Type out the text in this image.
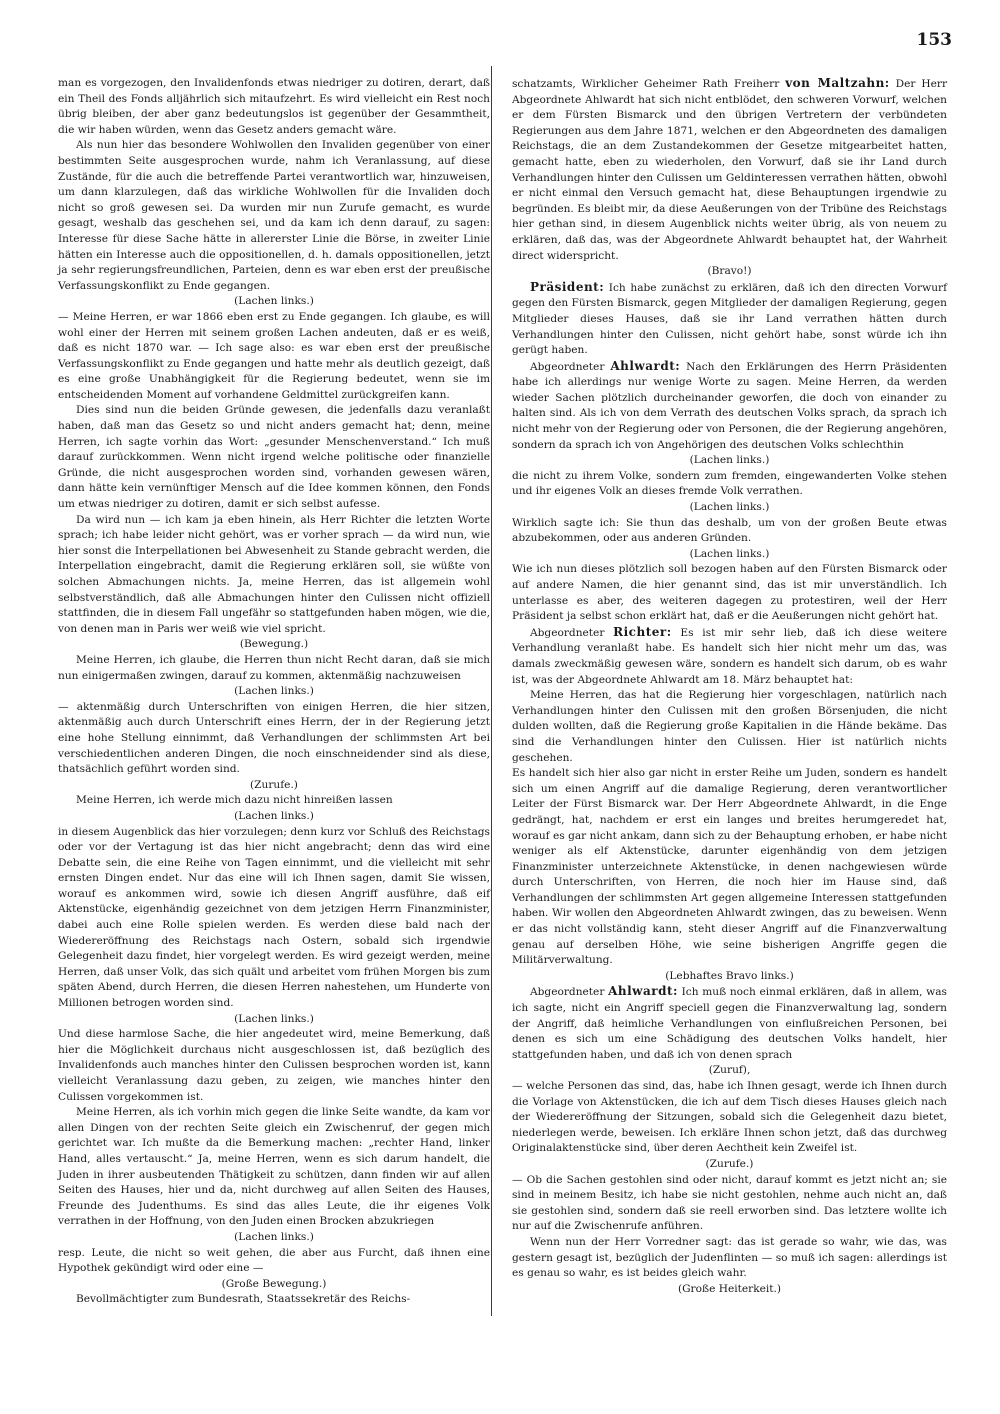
153

man es vorgezogen, den Invalidenfonds etwas niedriger zu dotiren, derart, daß ein Theil des Fonds alljährlich sich mitaufzehrt. Es wird vielleicht ein Rest noch übrig bleiben, der aber ganz bedeutungslos ist gegenüber der Gesammtheit, die wir haben würden, wenn das Gesetz anders gemacht wäre.

Als nun hier das besondere Wohlwollen den Invaliden gegenüber von einer bestimmten Seite ausgesprochen wurde, nahm ich Veranlassung, auf diese Zustände, für die auch die betreffende Partei verantwortlich war, hinzuweisen, um dann klarzulegen, daß das wirkliche Wohlwollen für die Invaliden doch nicht so groß gewesen sei. Da wurden mir nun Zurufe gemacht, es wurde gesagt, weshalb das geschehen sei, und da kam ich denn darauf, zu sagen: Interesse für diese Sache hätte in allererster Linie die Börse, in zweiter Linie hätten ein Interesse auch die oppositionellen, d. h. damals oppositionellen, jetzt ja sehr regierungsfreundlichen, Parteien, denn es war eben erst der preußische Verfassungskonflikt zu Ende gegangen.

(Lachen links.)

— Meine Herren, er war 1866 eben erst zu Ende gegangen. Ich glaube, es will wohl einer der Herren mit seinem großen Lachen andeuten, daß er es weiß, daß es nicht 1870 war. — Ich sage also: es war eben erst der preußische Verfassungskonflikt zu Ende gegangen und hatte mehr als deutlich gezeigt, daß es eine große Unabhängigkeit für die Regierung bedeutet, wenn sie im entscheidenden Moment auf vorhandene Geldmittel zurückgreifen kann.

Dies sind nun die beiden Gründe gewesen, die jedenfalls dazu veranlaßt haben, daß man das Gesetz so und nicht anders gemacht hat; denn, meine Herren, ich sagte vorhin das Wort: „gesunder Menschenverstand.“ Ich muß darauf zurückkommen. Wenn nicht irgend welche politische oder finanzielle Gründe, die nicht ausgesprochen worden sind, vorhanden gewesen wären, dann hätte kein vernünftiger Mensch auf die Idee kommen können, den Fonds um etwas niedriger zu dotiren, damit er sich selbst aufesse.

Da wird nun — ich kam ja eben hinein, als Herr Richter die letzten Worte sprach; ich habe leider nicht gehört, was er vorher sprach — da wird nun, wie hier sonst die Interpellationen bei Abwesenheit zu Stande gebracht werden, die Interpellation eingebracht, damit die Regierung erklären soll, sie wüßte von solchen Abmachungen nichts. Ja, meine Herren, das ist allgemein wohl selbstverständlich, daß alle Abmachungen hinter den Culissen nicht offiziell stattfinden, die in diesem Fall ungefähr so stattgefunden haben mögen, wie die, von denen man in Paris wer weiß wie viel spricht.

(Bewegung.)

Meine Herren, ich glaube, die Herren thun nicht Recht daran, daß sie mich nun einigermaßen zwingen, darauf zu kommen, aktenmäßig nachzuweisen

(Lachen links.)

— aktenmäßig durch Unterschriften von einigen Herren, die hier sitzen, aktenmäßig auch durch Unterschrift eines Herrn, der in der Regierung jetzt eine hohe Stellung einnimmt, daß Verhandlungen der schlimmsten Art bei verschiedentlichen anderen Dingen, die noch einschneidender sind als diese, thatsächlich geführt worden sind.

(Zurufe.)

Meine Herren, ich werde mich dazu nicht hinreißen lassen

(Lachen links.)

in diesem Augenblick das hier vorzulegen; denn kurz vor Schluß des Reichstags oder vor der Vertagung ist das hier nicht angebracht; denn das wird eine Debatte sein, die eine Reihe von Tagen einnimmt, und die vielleicht mit sehr ernsten Dingen endet. Nur das eine will ich Ihnen sagen, damit Sie wissen, worauf es ankommen wird, sowie ich diesen Angriff ausführe, daß eif Aktenstücke, eigenhändig gezeichnet von dem jetzigen Herrn Finanzminister, dabei auch eine Rolle spielen werden. Es werden diese bald nach der Wiedereröffnung des Reichstags nach Ostern, sobald sich irgendwie Gelegenheit dazu findet, hier vorgelegt werden. Es wird gezeigt werden, meine Herren, daß unser Volk, das sich quält und arbeitet vom frühen Morgen bis zum späten Abend, durch Herren, die diesen Herren nahestehen, um Hunderte von Millionen betrogen worden sind.

(Lachen links.)

Und diese harmlose Sache, die hier angedeutet wird, meine Bemerkung, daß hier die Möglichkeit durchaus nicht ausgeschlossen ist, daß bezüglich des Invalidenfonds auch manches hinter den Culissen besprochen worden ist, kann vielleicht Veranlassung dazu geben, zu zeigen, wie manches hinter den Culissen vorgekommen ist.

Meine Herren, als ich vorhin mich gegen die linke Seite wandte, da kam vor allen Dingen von der rechten Seite gleich ein Zwischenruf, der gegen mich gerichtet war. Ich mußte da die Bemerkung machen: „rechter Hand, linker Hand, alles vertauscht.“ Ja, meine Herren, wenn es sich darum handelt, die Juden in ihrer ausbeutenden Thätigkeit zu schützen, dann finden wir auf allen Seiten des Hauses, hier und da, nicht durchweg auf allen Seiten des Hauses, Freunde des Judenthums. Es sind das alles Leute, die ihr eigenes Volk verrathen in der Hoffnung, von den Juden einen Brocken abzukriegen

(Lachen links.)

resp. Leute, die nicht so weit gehen, die aber aus Furcht, daß ihnen eine Hypothek gekündigt wird oder eine —

(Große Bewegung.)

Bevollmächtigter zum Bundesrath, Staatssekretär des Reichs-

schatzamts, Wirklicher Geheimer Rath Freiherr von Maltzahn: Der Herr Abgeordnete Ahlwardt hat sich nicht entblödet, den schweren Vorwurf, welchen er dem Fürsten Bismarck und den übrigen Vertretern der verbündeten Regierungen aus dem Jahre 1871, welchen er den Abgeordneten des damaligen Reichstags, die an dem Zustandekommen der Gesetze mitgearbeitet hatten, gemacht hatte, eben zu wiederholen, den Vorwurf, daß sie ihr Land durch Verhandlungen hinter den Culissen um Geldinteressen verrathen hätten, obwohl er nicht einmal den Versuch gemacht hat, diese Behauptungen irgendwie zu begründen. Es bleibt mir, da diese Aeußerungen von der Tribüne des Reichstags hier gethan sind, in diesem Augenblick nichts weiter übrig, als von neuem zu erklären, daß das, was der Abgeordnete Ahlwardt behauptet hat, der Wahrheit direct widerspricht.

(Bravo!)

Präsident: Ich habe zunächst zu erklären, daß ich den directen Vorwurf gegen den Fürsten Bismarck, gegen Mitglieder der damaligen Regierung, gegen Mitglieder dieses Hauses, daß sie ihr Land verrathen hätten durch Verhandlungen hinter den Culissen, nicht gehört habe, sonst würde ich ihn gerügt haben.

Abgeordneter Ahlwardt: Nach den Erklärungen des Herrn Präsidenten habe ich allerdings nur wenige Worte zu sagen. Meine Herren, da werden wieder Sachen plötzlich durcheinander geworfen, die doch von einander zu halten sind. Als ich von dem Verrath des deutschen Volks sprach, da sprach ich nicht mehr von der Regierung oder von Personen, die der Regierung angehören, sondern da sprach ich von Angehörigen des deutschen Volks schlechthin

(Lachen links.)

die nicht zu ihrem Volke, sondern zum fremden, eingewanderten Volke stehen und ihr eigenes Volk an dieses fremde Volk verrathen.

(Lachen links.)

Wirklich sagte ich: Sie thun das deshalb, um von der großen Beute etwas abzubekommen, oder aus anderen Gründen.

(Lachen links.)

Wie ich nun dieses plötzlich soll bezogen haben auf den Fürsten Bismarck oder auf andere Namen, die hier genannt sind, das ist mir unverständlich. Ich unterlasse es aber, des weiteren dagegen zu protestiren, weil der Herr Präsident ja selbst schon erklärt hat, daß er die Aeußerungen nicht gehört hat.

Abgeordneter Richter: Es ist mir sehr lieb, daß ich diese weitere Verhandlung veranlaßt habe. Es handelt sich hier nicht mehr um das, was damals zweckmäßig gewesen wäre, sondern es handelt sich darum, ob es wahr ist, was der Abgeordnete Ahlwardt am 18. März behauptet hat:

Meine Herren, das hat die Regierung hier vorgeschlagen, natürlich nach Verhandlungen hinter den Culissen mit den großen Börsenjuden, die nicht dulden wollten, daß die Regierung große Kapitalien in die Hände bekäme. Das sind die Verhandlungen hinter den Culissen. Hier ist natürlich nichts geschehen.

Es handelt sich hier also gar nicht in erster Reihe um Juden, sondern es handelt sich um einen Angriff auf die damalige Regierung, deren verantwortlicher Leiter der Fürst Bismarck war. Der Herr Abgeordnete Ahlwardt, in die Enge gedrängt, hat, nachdem er erst ein langes und breites herumgeredet hat, worauf es gar nicht ankam, dann sich zu der Behauptung erhoben, er habe nicht weniger als elf Aktenstücke, darunter eigenhändig von dem jetzigen Finanzminister unterzeichnete Aktenstücke, in denen nachgewiesen würde durch Unterschriften, von Herren, die noch hier im Hause sind, daß Verhandlungen der schlimmsten Art gegen allgemeine Interessen stattgefunden haben. Wir wollen den Abgeordneten Ahlwardt zwingen, das zu beweisen. Wenn er das nicht vollständig kann, steht dieser Angriff auf die Finanzverwaltung genau auf derselben Höhe, wie seine bisherigen Angriffe gegen die Militärverwaltung.

(Lebhaftes Bravo links.)

Abgeordneter Ahlwardt: Ich muß noch einmal erklären, daß in allem, was ich sagte, nicht ein Angriff speciell gegen die Finanzverwaltung lag, sondern der Angriff, daß heimliche Verhandlungen von einflußreichen Personen, bei denen es sich um eine Schädigung des deutschen Volks handelt, hier stattgefunden haben, und daß ich von denen sprach

(Zuruf),

— welche Personen das sind, das, habe ich Ihnen gesagt, werde ich Ihnen durch die Vorlage von Aktenstücken, die ich auf dem Tisch dieses Hauses gleich nach der Wiedereröffnung der Sitzungen, sobald sich die Gelegenheit dazu bietet, niederlegen werde, beweisen. Ich erkläre Ihnen schon jetzt, daß das durchweg Originalaktenstücke sind, über deren Aechtheit kein Zweifel ist.

(Zurufe.)

— Ob die Sachen gestohlen sind oder nicht, darauf kommt es jetzt nicht an; sie sind in meinem Besitz, ich habe sie nicht gestohlen, nehme auch nicht an, daß sie gestohlen sind, sondern daß sie reell erworben sind. Das letztere wollte ich nur auf die Zwischenrufe anführen.

Wenn nun der Herr Vorredner sagt: das ist gerade so wahr, wie das, was gestern gesagt ist, bezüglich der Judenflinten — so muß ich sagen: allerdings ist es genau so wahr, es ist beides gleich wahr.

(Große Heiterkeit.)
